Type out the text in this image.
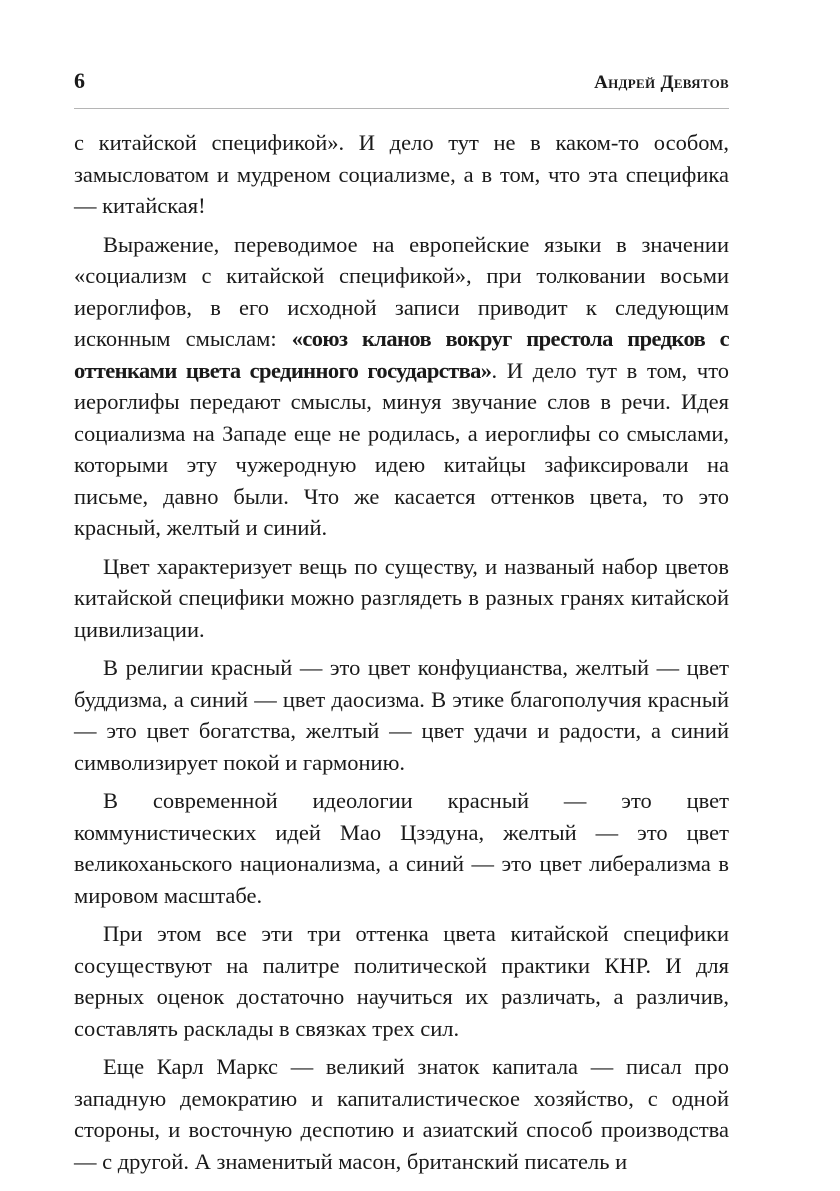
6	Андрей Девятов

с китайской спецификой». И дело тут не в каком-то особом, замысловатом и мудреном социализме, а в том, что эта специфика — китайская!

Выражение, переводимое на европейские языки в значении «социализм с китайской спецификой», при толковании восьми иероглифов, в его исходной записи приводит к следующим исконным смыслам: «союз кланов вокруг престола предков с оттенками цвета срединного государства». И дело тут в том, что иероглифы передают смыслы, минуя звучание слов в речи. Идея социализма на Западе еще не родилась, а иероглифы со смыслами, которыми эту чужеродную идею китайцы зафиксировали на письме, давно были. Что же касается оттенков цвета, то это красный, желтый и синий.

Цвет характеризует вещь по существу, и названый набор цветов китайской специфики можно разглядеть в разных гранях китайской цивилизации.

В религии красный — это цвет конфуцианства, желтый — цвет буддизма, а синий — цвет даосизма. В этике благополучия красный — это цвет богатства, желтый — цвет удачи и радости, а синий символизирует покой и гармонию.

В современной идеологии красный — это цвет коммунистических идей Мао Цзэдуна, желтый — это цвет великоханьского национализма, а синий — это цвет либерализма в мировом масштабе.

При этом все эти три оттенка цвета китайской специфики сосуществуют на палитре политической практики КНР. И для верных оценок достаточно научиться их различать, а различив, составлять расклады в связках трех сил.

Еще Карл Маркс — великий знаток капитала — писал про западную демократию и капиталистическое хозяйство, с одной стороны, и восточную деспотию и азиатский способ производства — с другой. А знаменитый масон, британский писатель и
